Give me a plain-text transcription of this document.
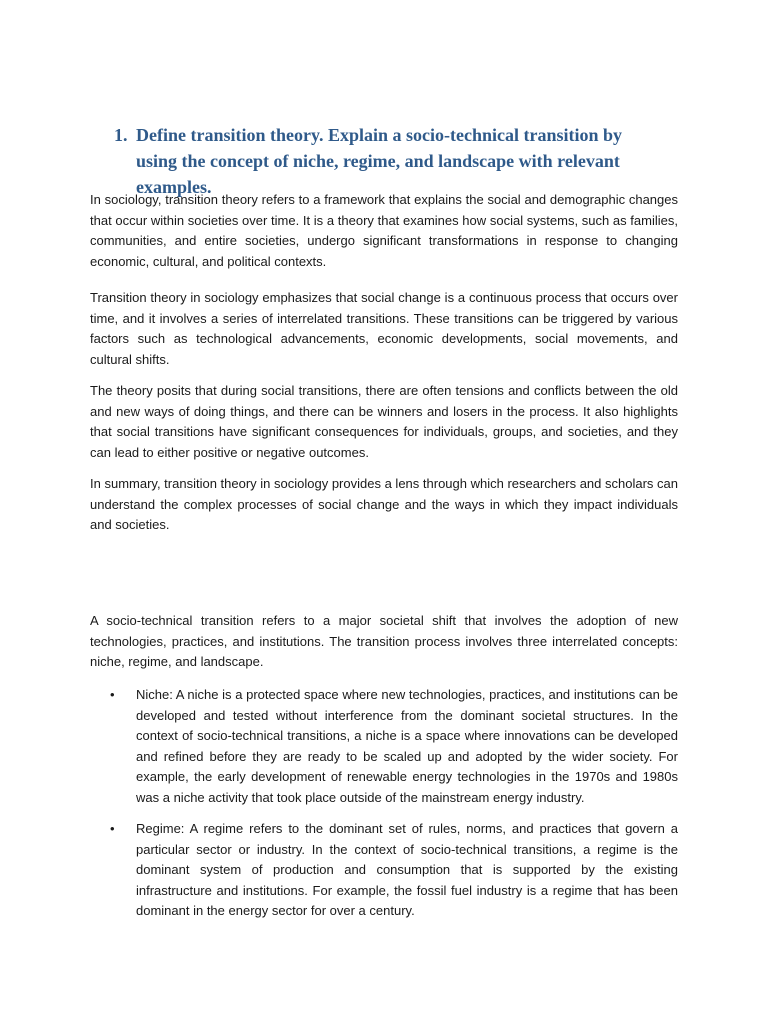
1. Define transition theory. Explain a socio-technical transition by using the concept of niche, regime, and landscape with relevant examples.

In sociology, transition theory refers to a framework that explains the social and demographic changes that occur within societies over time. It is a theory that examines how social systems, such as families, communities, and entire societies, undergo significant transformations in response to changing economic, cultural, and political contexts.

Transition theory in sociology emphasizes that social change is a continuous process that occurs over time, and it involves a series of interrelated transitions. These transitions can be triggered by various factors such as technological advancements, economic developments, social movements, and cultural shifts.

The theory posits that during social transitions, there are often tensions and conflicts between the old and new ways of doing things, and there can be winners and losers in the process. It also highlights that social transitions have significant consequences for individuals, groups, and societies, and they can lead to either positive or negative outcomes.

In summary, transition theory in sociology provides a lens through which researchers and scholars can understand the complex processes of social change and the ways in which they impact individuals and societies.

A socio-technical transition refers to a major societal shift that involves the adoption of new technologies, practices, and institutions. The transition process involves three interrelated concepts: niche, regime, and landscape.

•	Niche: A niche is a protected space where new technologies, practices, and institutions can be developed and tested without interference from the dominant societal structures. In the context of socio-technical transitions, a niche is a space where innovations can be developed and refined before they are ready to be scaled up and adopted by the wider society. For example, the early development of renewable energy technologies in the 1970s and 1980s was a niche activity that took place outside of the mainstream energy industry.

•	Regime: A regime refers to the dominant set of rules, norms, and practices that govern a particular sector or industry. In the context of socio-technical transitions, a regime is the dominant system of production and consumption that is supported by the existing infrastructure and institutions. For example, the fossil fuel industry is a regime that has been dominant in the energy sector for over a century.
